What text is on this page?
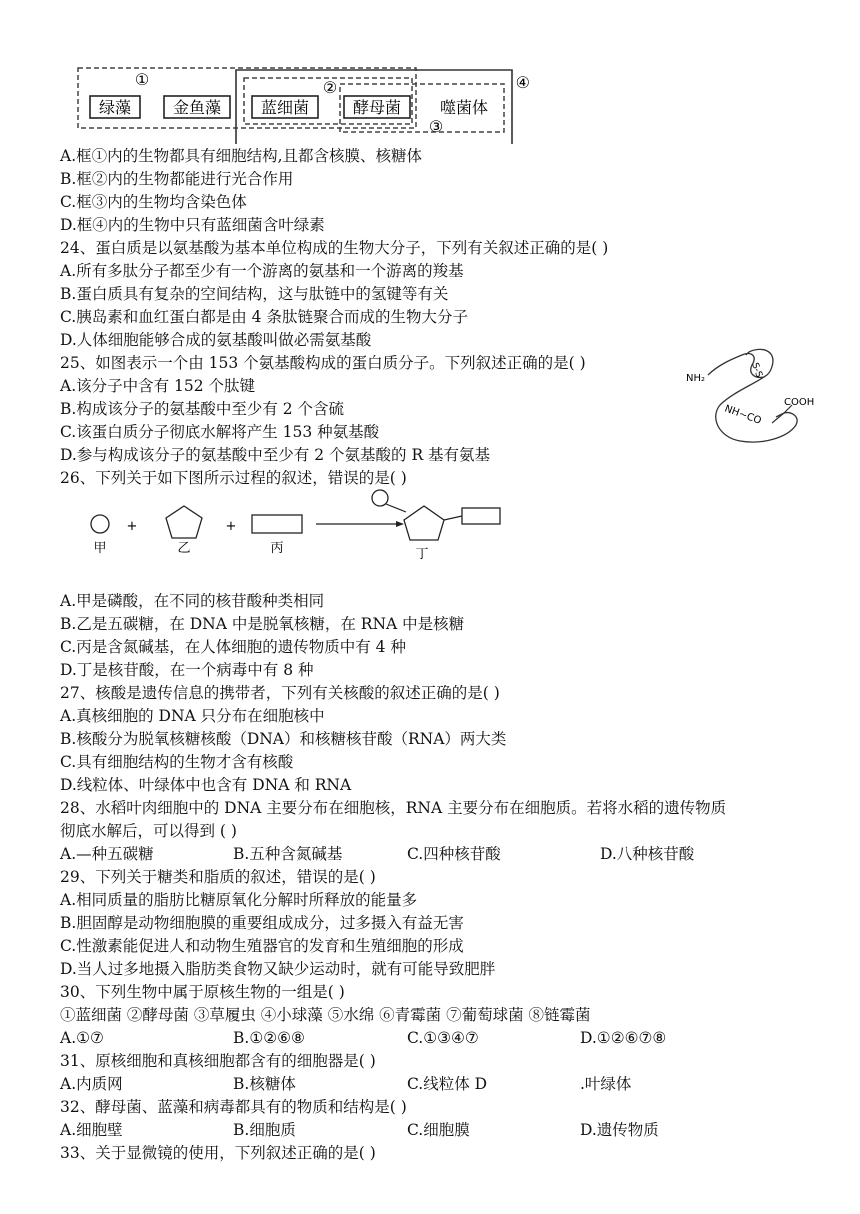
①	②
③
④
绿藻	金鱼藻 蓝细菌	酵母菌 噬菌体
A.框①内的生物都具有细胞结构,且都含核膜、核糖体
B.框②内的生物都能进行光合作用
C.框③内的生物均含染色体
D.框④内的生物中只有蓝细菌含叶绿素
24、蛋白质是以氨基酸为基本单位构成的生物大分子，下列有关叙述正确的是( )
A.所有多肽分子都至少有一个游离的氨基和一个游离的羧基
B.蛋白质具有复杂的空间结构，这与肽链中的氢键等有关
C.胰岛素和血红蛋白都是由 4 条肽链聚合而成的生物大分子
D.人体细胞能够合成的氨基酸叫做必需氨基酸
25、如图表示一个由 153 个氨基酸构成的蛋白质分子。下列叙述正确的是( )
A.该分子中含有 152 个肽键
B.构成该分子的氨基酸中至少有 2 个含硫
C.该蛋白质分子彻底水解将产生 153 种氨基酸
D.参与构成该分子的氨基酸中至少有 2 个氨基酸的 R 基有氨基
NH₂	S-S
NH~CO
COOH
26、下列关于如下图所示过程的叙述，错误的是( )
甲
+
乙
+
丙	丁
A.甲是磷酸，在不同的核苷酸种类相同
B.乙是五碳糖，在 DNA 中是脱氧核糖，在 RNA 中是核糖
C.丙是含氮碱基，在人体细胞的遗传物质中有 4 种
D.丁是核苷酸，在一个病毒中有 8 种
27、核酸是遗传信息的携带者，下列有关核酸的叙述正确的是( )
A.真核细胞的 DNA 只分布在细胞核中
B.核酸分为脱氧核糖核酸（DNA）和核糖核苷酸（RNA）两大类
C.具有细胞结构的生物才含有核酸
D.线粒体、叶绿体中也含有 DNA 和 RNA
28、水稻叶肉细胞中的 DNA 主要分布在细胞核，RNA 主要分布在细胞质。若将水稻的遗传物质
彻底水解后，可以得到 ( )
A.—种五碳糖	B.五种含氮碱基	C.四种核苷酸	D.八种核苷酸
29、下列关于糖类和脂质的叙述，错误的是( )
A.相同质量的脂肪比糖原氧化分解时所释放的能量多
B.胆固醇是动物细胞膜的重要组成成分，过多摄入有益无害
C.性激素能促进人和动物生殖器官的发育和生殖细胞的形成
D.当人过多地摄入脂肪类食物又缺少运动时，就有可能导致肥胖
30、下列生物中属于原核生物的一组是( )
①蓝细菌 ②酵母菌 ③草履虫 ④小球藻 ⑤水绵 ⑥青霉菌 ⑦葡萄球菌 ⑧链霉菌
A.①⑦	B.①②⑥⑧	C.①③④⑦	D.①②⑥⑦⑧
31、原核细胞和真核细胞都含有的细胞器是( )
A.内质网	B.核糖体	C.线粒体 D	.叶绿体
32、酵母菌、蓝藻和病毒都具有的物质和结构是( )
A.细胞壁	B.细胞质	C.细胞膜	D.遗传物质
33、关于显微镜的使用，下列叙述正确的是( )
